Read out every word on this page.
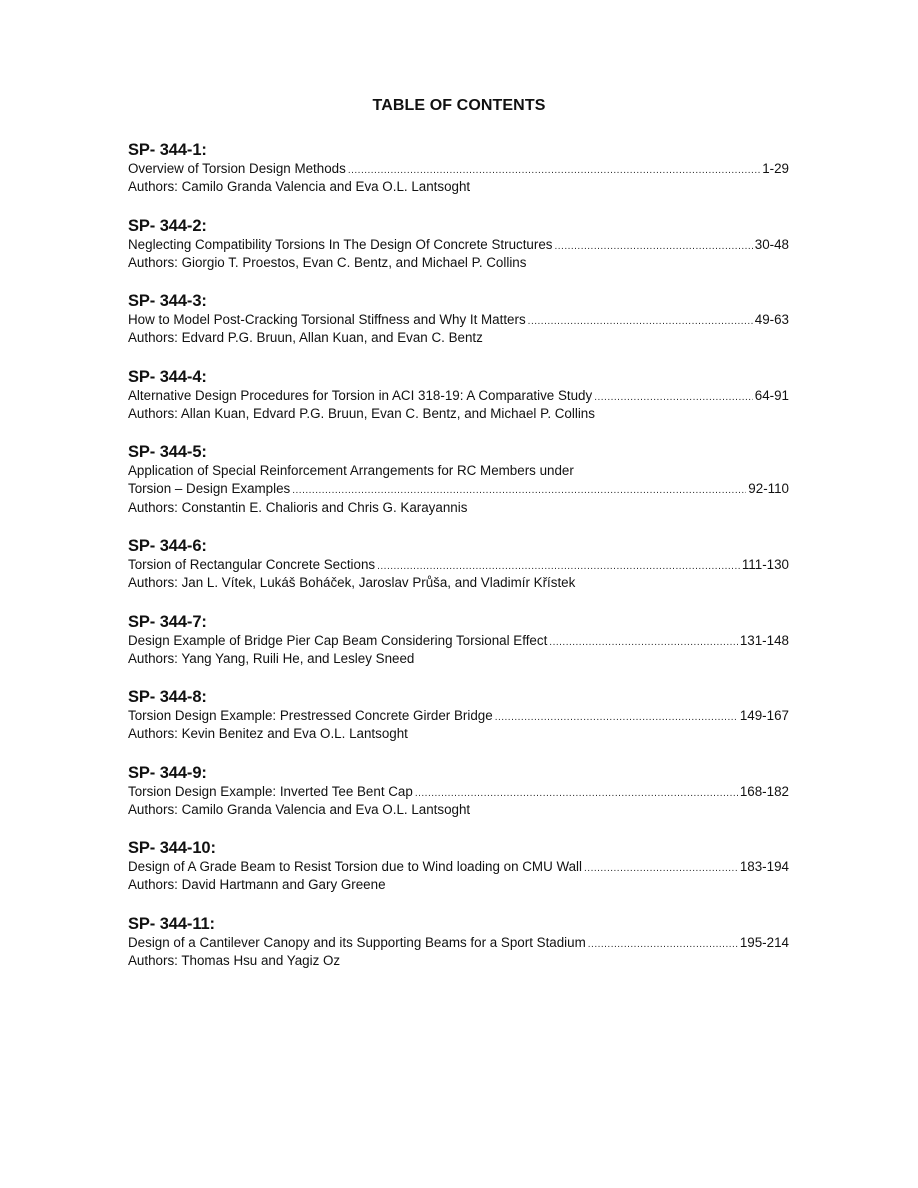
TABLE OF CONTENTS
SP- 344-1:
Overview of Torsion Design Methods .....	1-29
Authors: Camilo Granda Valencia and Eva O.L. Lantsoght
SP- 344-2:
Neglecting Compatibility Torsions In The Design Of Concrete Structures .....	30-48
Authors: Giorgio T. Proestos, Evan C. Bentz, and Michael P. Collins
SP- 344-3:
How to Model Post-Cracking Torsional Stiffness and Why It Matters .....	49-63
Authors: Edvard P.G. Bruun, Allan Kuan, and Evan C. Bentz
SP- 344-4:
Alternative Design Procedures for Torsion in ACI 318-19: A Comparative Study .....	64-91
Authors: Allan Kuan, Edvard P.G. Bruun, Evan C. Bentz, and Michael P. Collins
SP- 344-5:
Application of Special Reinforcement Arrangements for RC Members under
Torsion – Design Examples .....	92-110
Authors: Constantin E. Chalioris and Chris G. Karayannis
SP- 344-6:
Torsion of Rectangular Concrete Sections .....	111-130
Authors: Jan L. Vítek, Lukáš Boháček, Jaroslav Průša, and Vladimír Křístek
SP- 344-7:
Design Example of Bridge Pier Cap Beam Considering Torsional Effect .....	131-148
Authors: Yang Yang, Ruili He, and Lesley Sneed
SP- 344-8:
Torsion Design Example: Prestressed Concrete Girder Bridge .....	149-167
Authors: Kevin Benitez and Eva O.L. Lantsoght
SP- 344-9:
Torsion Design Example: Inverted Tee Bent Cap .....	168-182
Authors: Camilo Granda Valencia and Eva O.L. Lantsoght
SP- 344-10:
Design of A Grade Beam to Resist Torsion due to Wind loading on CMU Wall .....	183-194
Authors: David Hartmann and Gary Greene
SP- 344-11:
Design of a Cantilever Canopy and its Supporting Beams for a Sport Stadium .....	195-214
Authors: Thomas Hsu and Yagiz Oz
